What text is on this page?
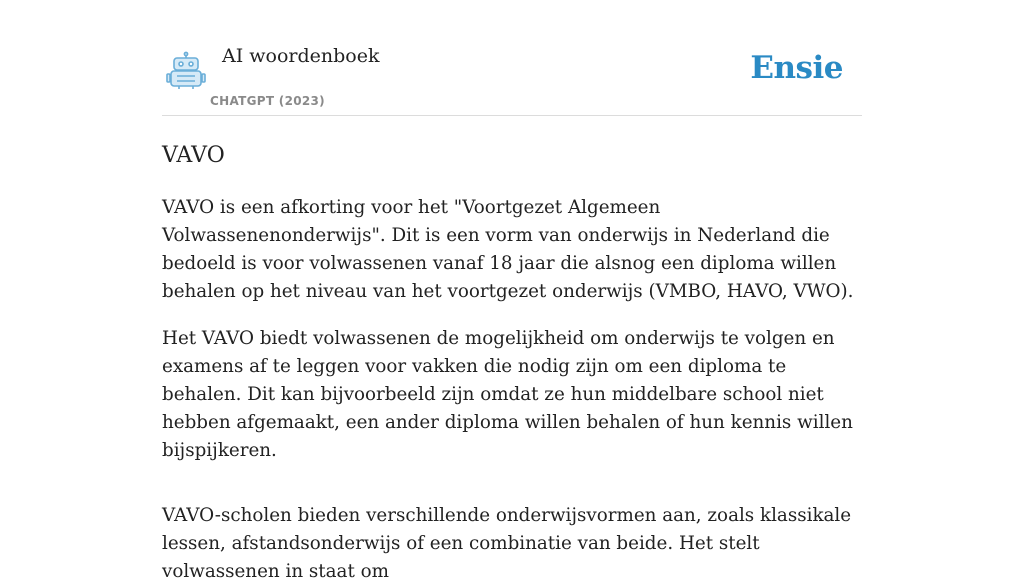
AI woordenboek
CHATGPT (2023)
Ensie
VAVO

VAVO is een afkorting voor het "Voortgezet Algemeen Volwassenenonderwijs". Dit is een vorm van onderwijs in Nederland die bedoeld is voor volwassenen vanaf 18 jaar die alsnog een diploma willen behalen op het niveau van het voortgezet onderwijs (VMBO, HAVO, VWO).

Het VAVO biedt volwassenen de mogelijkheid om onderwijs te volgen en examens af te leggen voor vakken die nodig zijn om een diploma te behalen. Dit kan bijvoorbeeld zijn omdat ze hun middelbare school niet hebben afgemaakt, een ander diploma willen behalen of hun kennis willen bijspijkeren.

VAVO-scholen bieden verschillende onderwijsvormen aan, zoals klassikale lessen, afstandsonderwijs of een combinatie van beide. Het stelt volwassenen in staat om
